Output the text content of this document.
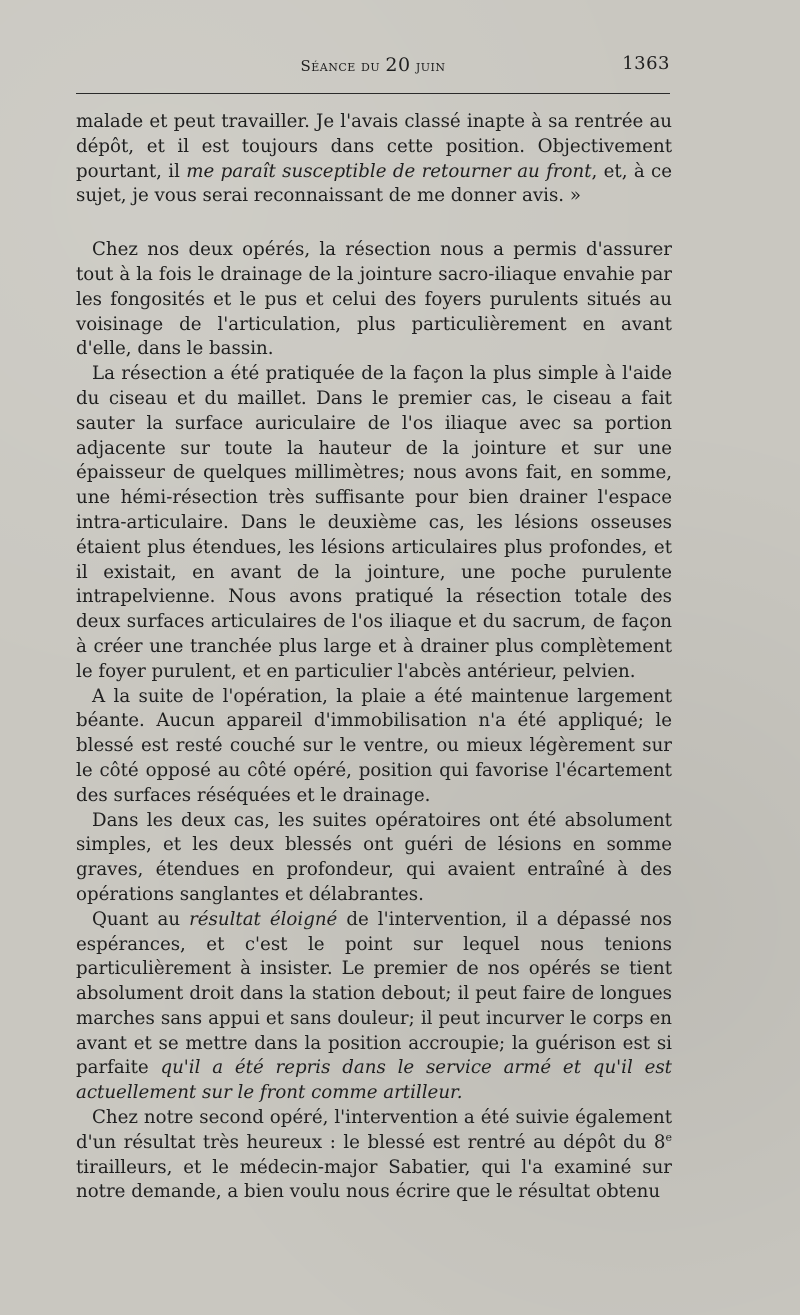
Séance du 20 juin	1363

malade et peut travailler. Je l'avais classé inapte à sa rentrée au dépôt, et il est toujours dans cette position. Objectivement pourtant, il me paraît susceptible de retourner au front, et, à ce sujet, je vous serai reconnaissant de me donner avis. »

Chez nos deux opérés, la résection nous a permis d'assurer tout à la fois le drainage de la jointure sacro-iliaque envahie par les fongosités et le pus et celui des foyers purulents situés au voisinage de l'articulation, plus particulièrement en avant d'elle, dans le bassin.

La résection a été pratiquée de la façon la plus simple à l'aide du ciseau et du maillet. Dans le premier cas, le ciseau a fait sauter la surface auriculaire de l'os iliaque avec sa portion adjacente sur toute la hauteur de la jointure et sur une épaisseur de quelques millimètres; nous avons fait, en somme, une hémi-résection très suffisante pour bien drainer l'espace intra-articulaire. Dans le deuxième cas, les lésions osseuses étaient plus étendues, les lésions articulaires plus profondes, et il existait, en avant de la jointure, une poche purulente intrapelvienne. Nous avons pratiqué la résection totale des deux surfaces articulaires de l'os iliaque et du sacrum, de façon à créer une tranchée plus large et à drainer plus complètement le foyer purulent, et en particulier l'abcès antérieur, pelvien.

A la suite de l'opération, la plaie a été maintenue largement béante. Aucun appareil d'immobilisation n'a été appliqué; le blessé est resté couché sur le ventre, ou mieux légèrement sur le côté opposé au côté opéré, position qui favorise l'écartement des surfaces réséquées et le drainage.

Dans les deux cas, les suites opératoires ont été absolument simples, et les deux blessés ont guéri de lésions en somme graves, étendues en profondeur, qui avaient entraîné à des opérations sanglantes et délabrantes.

Quant au résultat éloigné de l'intervention, il a dépassé nos espérances, et c'est le point sur lequel nous tenions particulièrement à insister. Le premier de nos opérés se tient absolument droit dans la station debout; il peut faire de longues marches sans appui et sans douleur; il peut incurver le corps en avant et se mettre dans la position accroupie; la guérison est si parfaite qu'il a été repris dans le service armé et qu'il est actuellement sur le front comme artilleur.

Chez notre second opéré, l'intervention a été suivie également d'un résultat très heureux : le blessé est rentré au dépôt du 8e tirailleurs, et le médecin-major Sabatier, qui l'a examiné sur notre demande, a bien voulu nous écrire que le résultat obtenu
